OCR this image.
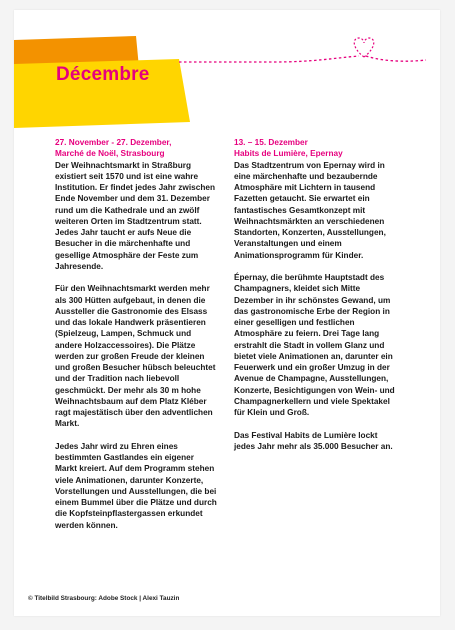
Décembre

27. November - 27. Dezember,

Marché de Noël, Strasbourg

Der Weihnachtsmarkt in Straßburg existiert seit 1570 und ist eine wahre Institution. Er findet jedes Jahr zwischen Ende November und dem 31. Dezember rund um die Kathedrale und an zwölf weiteren Orten im Stadtzentrum statt. Jedes Jahr taucht er aufs Neue die Besucher in die märchenhafte und gesellige Atmosphäre der Feste zum Jahresende.

Für den Weihnachtsmarkt werden mehr als 300 Hütten aufgebaut, in denen die Aussteller die Gastronomie des Elsass und das lokale Handwerk präsentieren (Spielzeug, Lampen, Schmuck und andere Holzaccessoires). Die Plätze werden zur großen Freude der kleinen und großen Besucher hübsch beleuchtet und der Tradition nach liebevoll geschmückt. Der mehr als 30 m hohe Weihnachtsbaum auf dem Platz Kléber ragt majestätisch über den adventlichen Markt.

Jedes Jahr wird zu Ehren eines bestimmten Gastlandes ein eigener Markt kreiert. Auf dem Programm stehen viele Animationen, darunter Konzerte, Vorstellungen und Ausstellungen, die bei einem Bummel über die Plätze und durch die Kopfsteinpflastergassen erkundet werden können.

13. – 15. Dezember

Habits de Lumière, Epernay

Das Stadtzentrum von Epernay wird in eine märchenhafte und bezaubernde Atmosphäre mit Lichtern in tausend Fazetten getaucht. Sie erwartet ein fantastisches Gesamtkonzept mit Weihnachtsmärkten an verschiedenen Standorten, Konzerten, Ausstellungen, Veranstaltungen und einem Animationsprogramm für Kinder.

Épernay, die berühmte Hauptstadt des Champagners, kleidet sich Mitte Dezember in ihr schönstes Gewand, um das gastronomische Erbe der Region in einer geselligen und festlichen Atmosphäre zu feiern. Drei Tage lang erstrahlt die Stadt in vollem Glanz und bietet viele Animationen an, darunter ein Feuerwerk und ein großer Umzug in der Avenue de Champagne, Ausstellungen, Konzerte, Besichtigungen von Wein- und Champagnerkellern und viele Spektakel für Klein und Groß.

Das Festival Habits de Lumière lockt jedes Jahr mehr als 35.000 Besucher an.

© Titelbild Strasbourg: Adobe Stock | Alexi Tauzin
